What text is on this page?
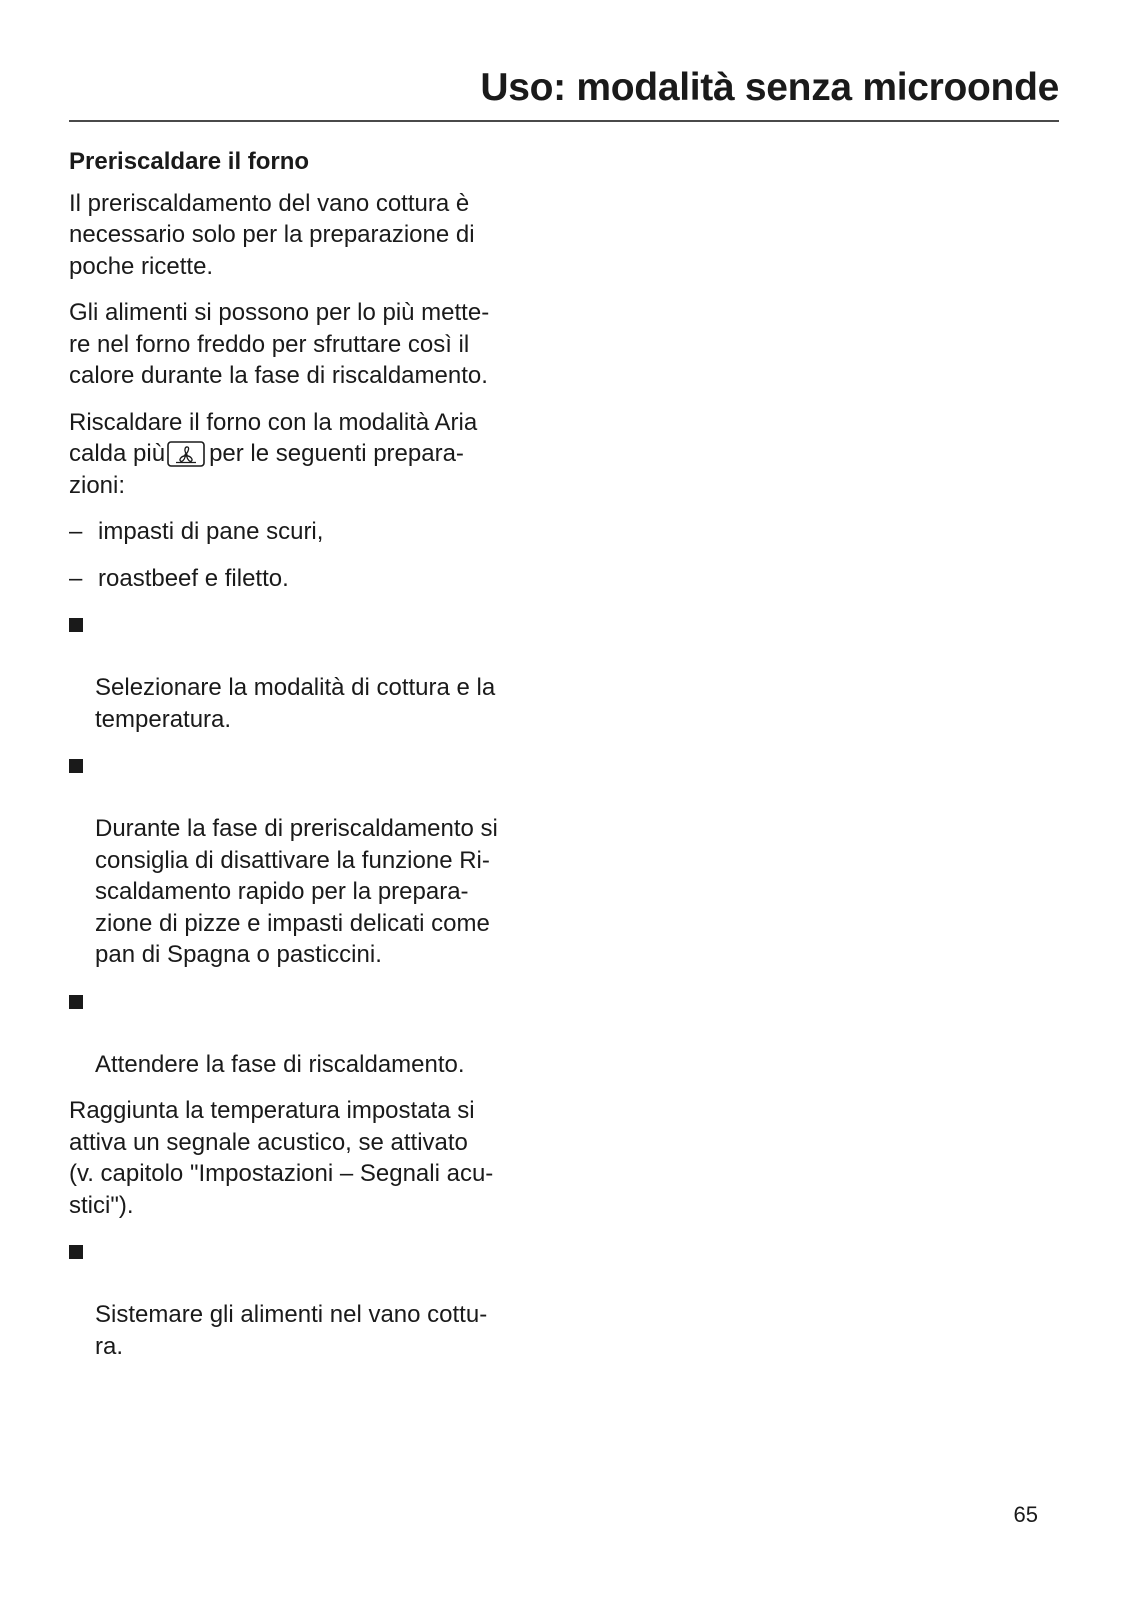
Uso: modalità senza microonde
Preriscaldare il forno

Il preriscaldamento del vano cottura è
necessario solo per la preparazione di
poche ricette.

Gli alimenti si possono per lo più mette-
re nel forno freddo per sfruttare così il
calore durante la fase di riscaldamento.

Riscaldare il forno con la modalità Aria
calda più per le seguenti prepara-
zioni:

– impasti di pane scuri,
– roastbeef e filetto.

Selezionare la modalità di cottura e la
temperatura.

Durante la fase di preriscaldamento si
consiglia di disattivare la funzione Ri-
scaldamento rapido per la prepara-
zione di pizze e impasti delicati come
pan di Spagna o pasticcini.

Attendere la fase di riscaldamento.

Raggiunta la temperatura impostata si
attiva un segnale acustico, se attivato
(v. capitolo "Impostazioni – Segnali acu-
stici").

Sistemare gli alimenti nel vano cottu-
ra.

65
